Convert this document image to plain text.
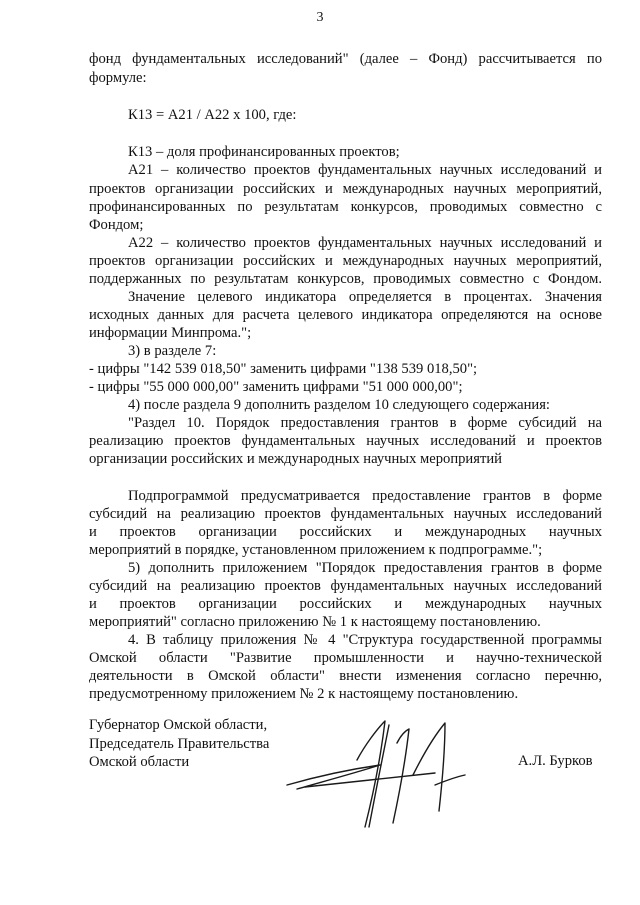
3
фонд фундаментальных исследований" (далее – Фонд) рассчитывается по
формуле:
К13 = А21 / А22 x 100, где:
К13 – доля профинансированных проектов;
А21 – количество проектов фундаментальных научных исследований и
проектов организации российских и международных научных мероприятий,
профинансированных по результатам конкурсов, проводимых совместно с
Фондом;
А22 – количество проектов фундаментальных научных исследований и
проектов организации российских и международных научных мероприятий,
поддержанных по результатам конкурсов, проводимых совместно с Фондом.
Значение целевого индикатора определяется в процентах. Значения
исходных данных для расчета целевого индикатора определяются на основе
информации Минпрома.";
3) в разделе 7:
- цифры "142 539 018,50" заменить цифрами "138 539 018,50";
- цифры "55 000 000,00" заменить цифрами "51 000 000,00";
4) после раздела 9 дополнить разделом 10 следующего содержания:
"Раздел 10. Порядок предоставления грантов в форме субсидий на
реализацию проектов фундаментальных научных исследований и проектов
организации российских и международных научных мероприятий
Подпрограммой предусматривается предоставление грантов в форме
субсидий на реализацию проектов фундаментальных научных исследований
и проектов организации российских и международных научных
мероприятий в порядке, установленном приложением к подпрограмме.";
5) дополнить приложением "Порядок предоставления грантов в форме
субсидий на реализацию проектов фундаментальных научных исследований
и проектов организации российских и международных научных
мероприятий" согласно приложению № 1 к настоящему постановлению.
4. В таблицу приложения № 4 "Структура государственной программы
Омской области "Развитие промышленности и научно-технической
деятельности в Омской области" внести изменения согласно перечню,
предусмотренному приложением № 2 к настоящему постановлению.
Губернатор Омской области,
Председатель Правительства
Омской области	А.Л. Бурков
